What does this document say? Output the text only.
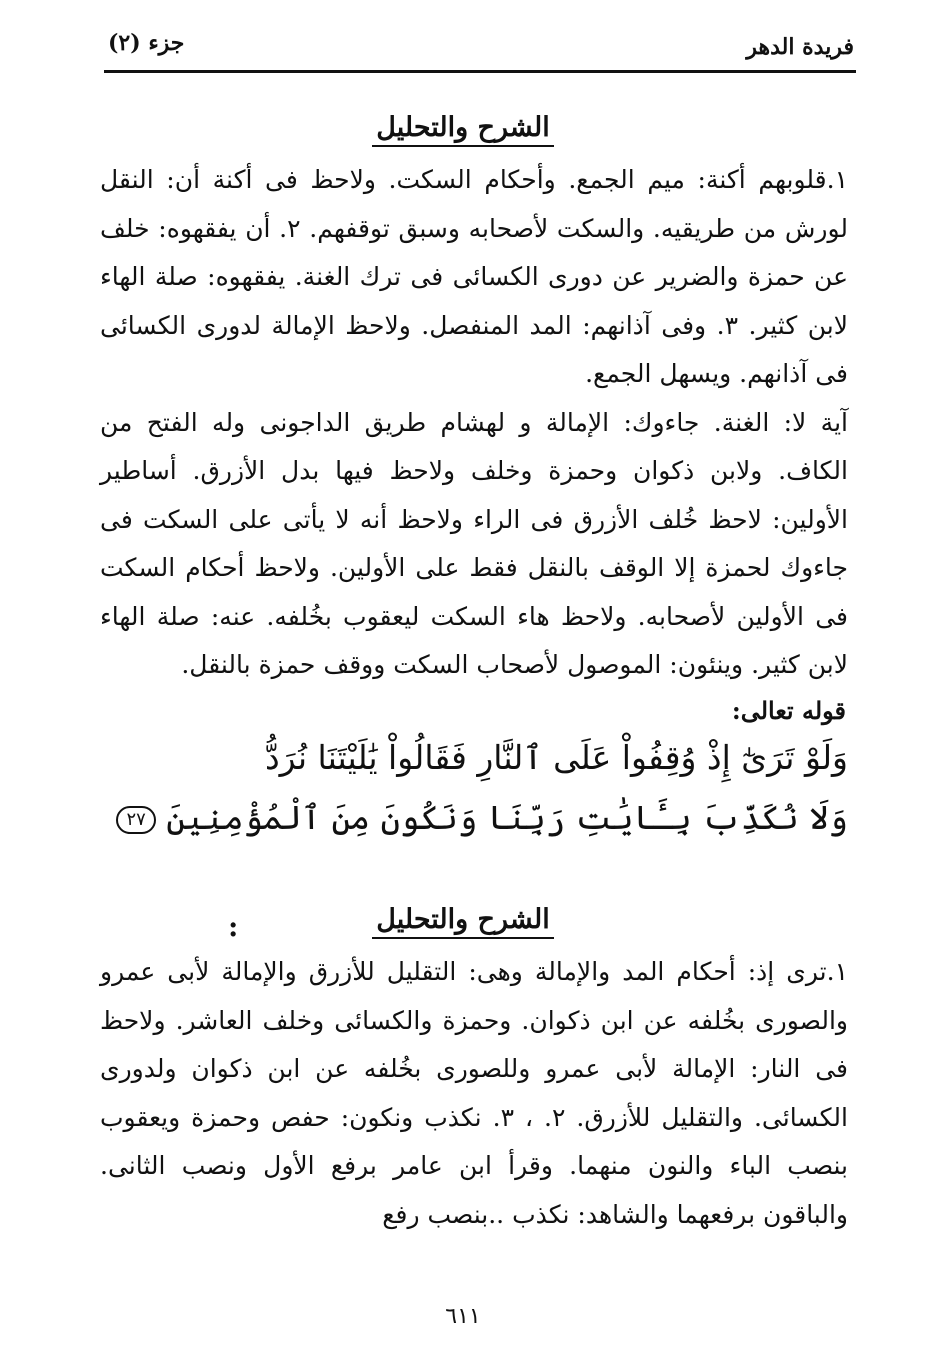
فريدة الدهر
جزء (٢)
الشرح والتحليل

١.قلوبهم أكنة: ميم الجمع. وأحكام السكت. ولاحظ فى أكنة أن: النقل لورش من طريقيه. والسكت لأصحابه وسبق توقفهم. ٢. أن يفقهوه: خلف عن حمزة والضرير عن دورى الكسائى فى ترك الغنة. يفقهوه: صلة الهاء لابن كثير. ٣. وفى آذانهم: المد المنفصل. ولاحظ الإمالة لدورى الكسائى فى آذانهم. ويسهل الجمع.

آية لا: الغنة. جاءوك: الإمالة و لهشام طريق الداجونى وله الفتح من الكاف. ولابن ذكوان وحمزة وخلف ولاحظ فيها بدل الأزرق. أساطير الأولين: لاحظ خُلف الأزرق فى الراء ولاحظ أنه لا يأتى على السكت فى جاءوك لحمزة إلا الوقف بالنقل فقط على الأولين. ولاحظ أحكام السكت فى الأولين لأصحابه. ولاحظ هاء السكت ليعقوب بخُلفه. عنه: صلة الهاء لابن كثير. وينئون: الموصول لأصحاب السكت ووقف حمزة بالنقل.

قوله تعالى:

وَلَوْ تَرَىٰٓ إِذْ وُقِفُواْ عَلَى ٱلنَّارِ فَقَالُواْ يَٰلَيْتَنَا نُرَدُّ

وَلَا نُكَذِّبَ بِـَٔايَٰتِ رَبِّنَا وَنَكُونَ مِنَ ٱلْمُؤْمِنِينَ ٢٧

:	الشرح والتحليل

١.ترى إذ: أحكام المد والإمالة وهى: التقليل للأزرق والإمالة لأبى عمرو والصورى بخُلفه عن ابن ذكوان. وحمزة والكسائى وخلف العاشر. ولاحظ فى النار: الإمالة لأبى عمرو وللصورى بخُلفه عن ابن ذكوان ولدورى الكسائى. والتقليل للأزرق. ٢. ، ٣. نكذب ونكون: حفص وحمزة ويعقوب بنصب الباء والنون منهما. وقرأ ابن عامر برفع الأول ونصب الثانى. والباقون برفعهما والشاهد: نكذب ..بنصب رفع

٦١١
